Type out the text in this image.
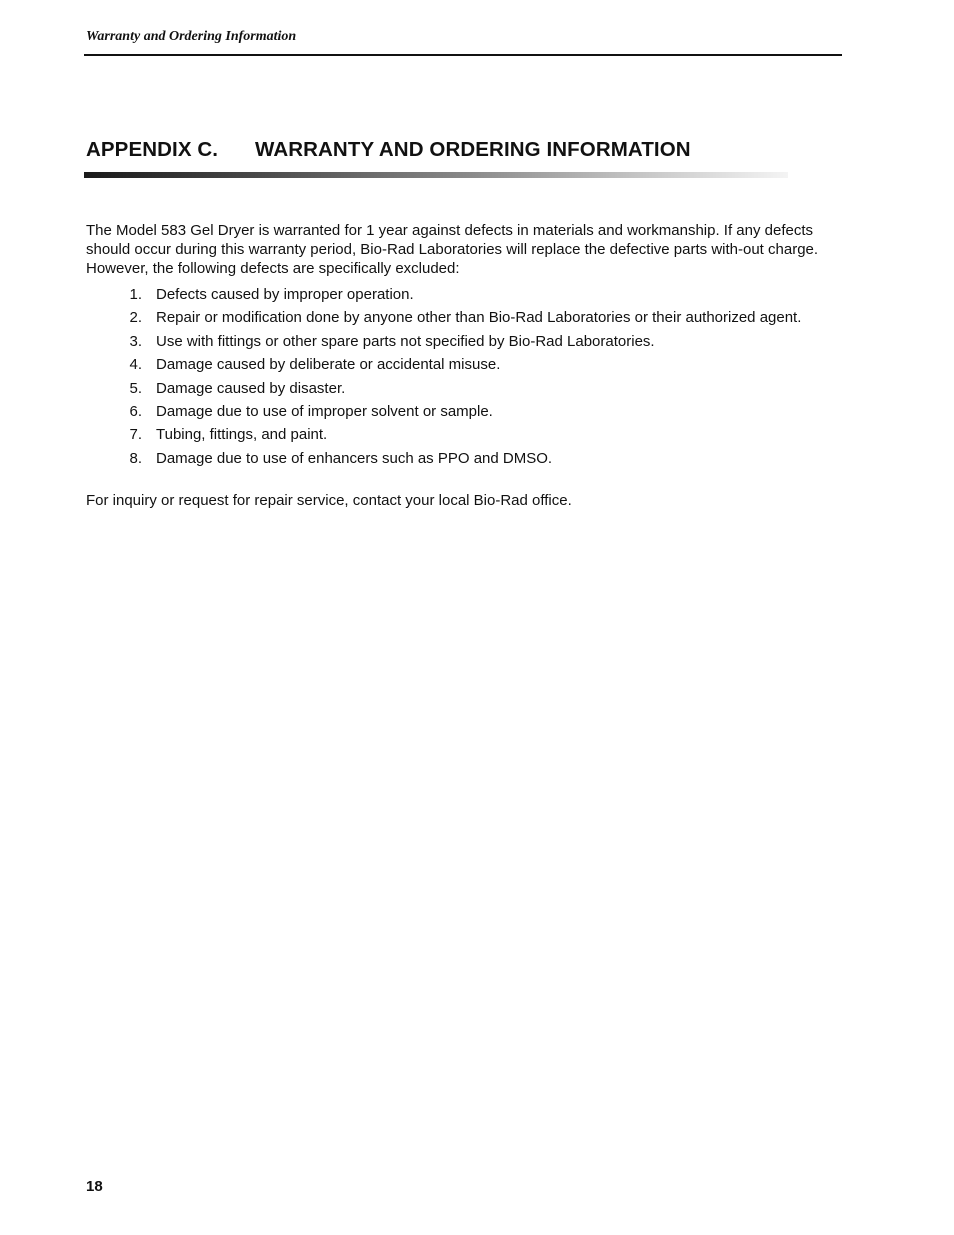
Warranty and Ordering Information
APPENDIX C. WARRANTY AND ORDERING INFORMATION

The Model 583 Gel Dryer is warranted for 1 year against defects in materials and workmanship. If any defects should occur during this warranty period, Bio-Rad Laboratories will replace the defective parts with-out charge. However, the following defects are specifically excluded:

1. Defects caused by improper operation.
2. Repair or modification done by anyone other than Bio-Rad Laboratories or their authorized agent.
3. Use with fittings or other spare parts not specified by Bio-Rad Laboratories.
4. Damage caused by deliberate or accidental misuse.
5. Damage caused by disaster.
6. Damage due to use of improper solvent or sample.
7. Tubing, fittings, and paint.
8. Damage due to use of enhancers such as PPO and DMSO.

For inquiry or request for repair service, contact your local Bio-Rad office.

18
